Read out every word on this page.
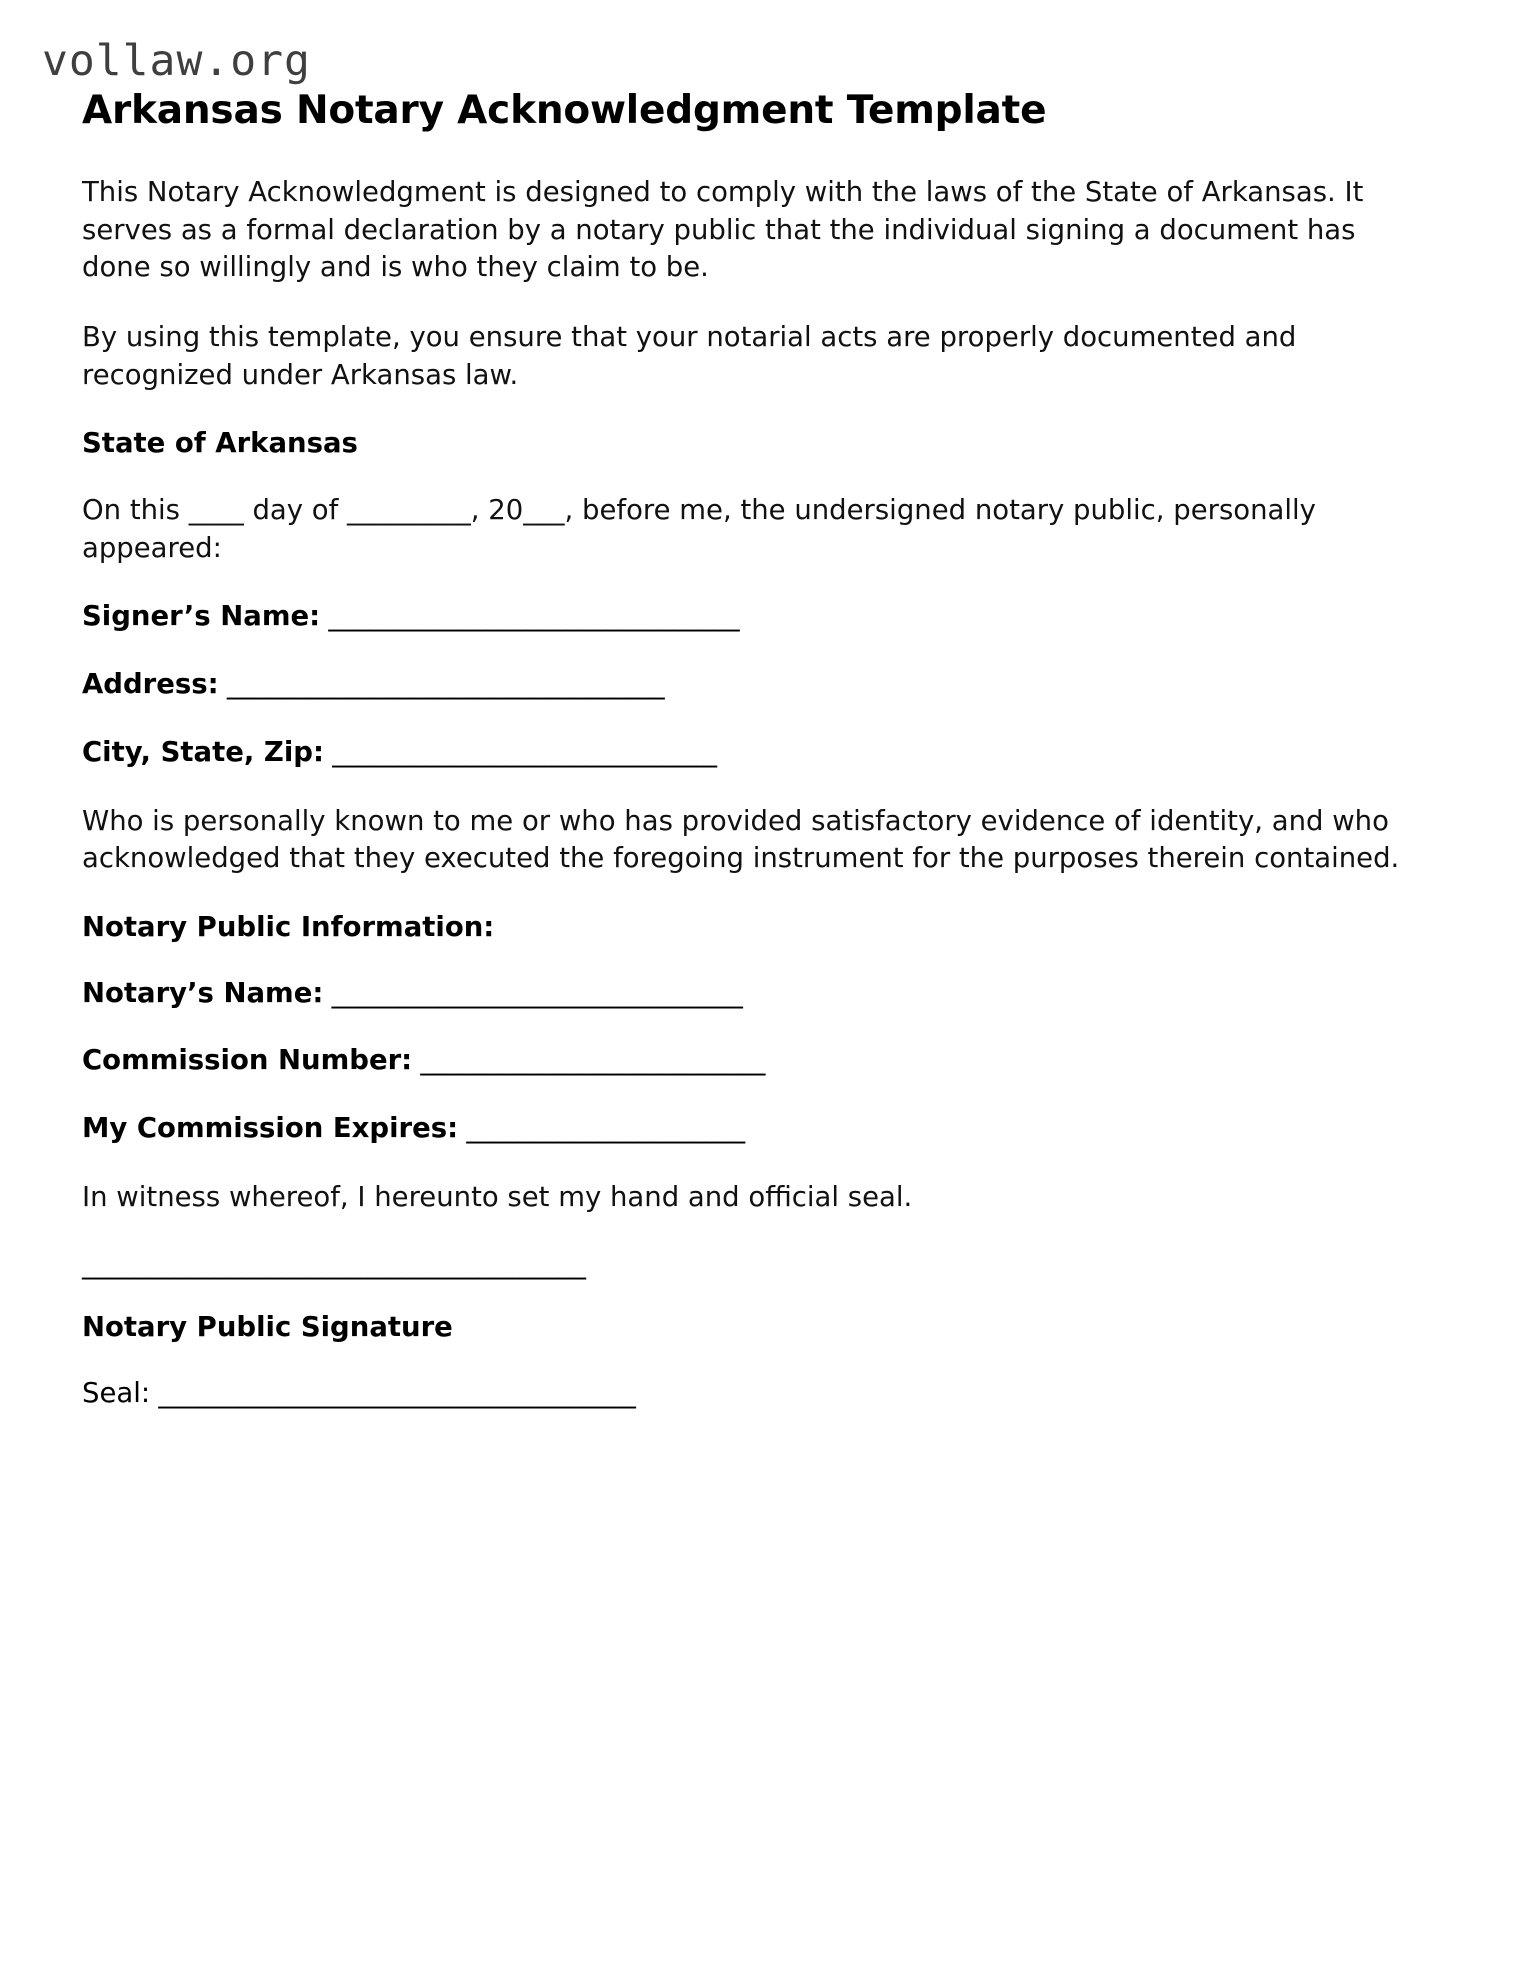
vollaw.org
Arkansas Notary Acknowledgment Template

This Notary Acknowledgment is designed to comply with the laws of the State of Arkansas. It serves as a formal declaration by a notary public that the individual signing a document has done so willingly and is who they claim to be.

By using this template, you ensure that your notarial acts are properly documented and recognized under Arkansas law.

State of Arkansas

On this ____ day of _________, 20___, before me, the undersigned notary public, personally appeared:

Signer’s Name: _______________________________

Address: _________________________________

City, State, Zip: _____________________________

Who is personally known to me or who has provided satisfactory evidence of identity, and who acknowledged that they executed the foregoing instrument for the purposes therein contained.

Notary Public Information:

Notary’s Name: _______________________________

Commission Number: __________________________

My Commission Expires: _____________________

In witness whereof, I hereunto set my hand and official seal.

______________________________________

Notary Public Signature

Seal: ____________________________________
